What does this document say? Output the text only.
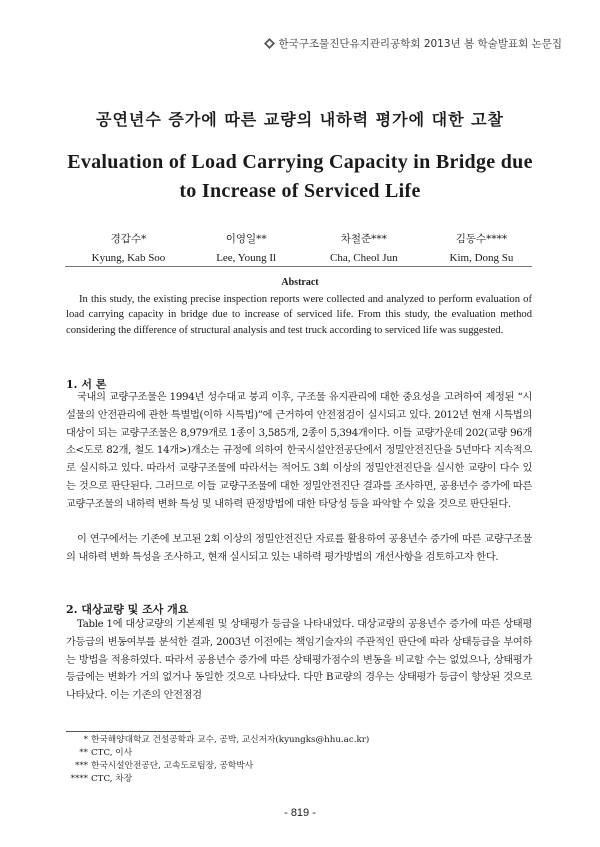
한국구조물진단유지관리공학회 2013년 봄 학술발표회 논문집
공연년수 증가에 따른 교량의 내하력 평가에 대한 고찰
Evaluation of Load Carrying Capacity in Bridge due to Increase of Serviced Life
경갑수*
Kyung, Kab Soo
이영일**
Lee, Young Il
차철준***
Cha, Cheol Jun
김동수****
Kim, Dong Su
Abstract

In this study, the existing precise inspection reports were collected and analyzed to perform evaluation of load carrying capacity in bridge due to increase of serviced life. From this study, the evaluation method considering the difference of structural analysis and test truck according to serviced life was suggested.

1. 서 론

국내의 교량구조물은 1994년 성수대교 붕괴 이후, 구조물 유지관리에 대한 중요성을 고려하여 제정된 “시설물의 안전관리에 관한 특별법(이하 시특법)”에 근거하여 안전점검이 실시되고 있다. 2012년 현재 시특법의 대상이 되는 교량구조물은 8,979개로 1종이 3,585개, 2종이 5,394개이다. 이들 교량가운데 202(교량 96개소<도로 82개, 철도 14개>)개소는 규정에 의하여 한국시설안전공단에서 정밀안전진단을 5년마다 지속적으로 실시하고 있다. 따라서 교량구조물에 따라서는 적어도 3회 이상의 정밀안전진단을 실시한 교량이 다수 있는 것으로 판단된다. 그러므로 이들 교량구조물에 대한 정밀안전진단 결과를 조사하면, 공용년수 증가에 따른 교량구조물의 내하력 변화 특성 및 내하력 판정방법에 대한 타당성 등을 파악할 수 있을 것으로 판단된다.

이 연구에서는 기존에 보고된 2회 이상의 정밀안전진단 자료를 활용하여 공용년수 증가에 따른 교량구조물의 내하력 변화 특성을 조사하고, 현재 실시되고 있는 내하력 평가방법의 개선사항을 검토하고자 한다.

2. 대상교량 및 조사 개요

Table 1에 대상교량의 기본제원 및 상태평가 등급을 나타내었다. 대상교량의 공용년수 증가에 따른 상태평가등급의 변동여부를 분석한 결과, 2003년 이전에는 책임기술자의 주관적인 판단에 따라 상태등급을 부여하는 방법을 적용하였다. 따라서 공용년수 증가에 따른 상태평가점수의 변동을 비교할 수는 없었으나, 상태평가등급에는 변화가 거의 없거나 동일한 것으로 나타났다. 다만 B교량의 경우는 상태평가 등급이 향상된 것으로 나타났다. 이는 기존의 안전점검

* 한국해양대학교 건설공학과 교수, 공박, 교신저자(kyungks@hhu.ac.kr)
** CTC, 이사
*** 한국시설안전공단, 고속도로팀장, 공학박사
**** CTC, 차장
- 819 -
